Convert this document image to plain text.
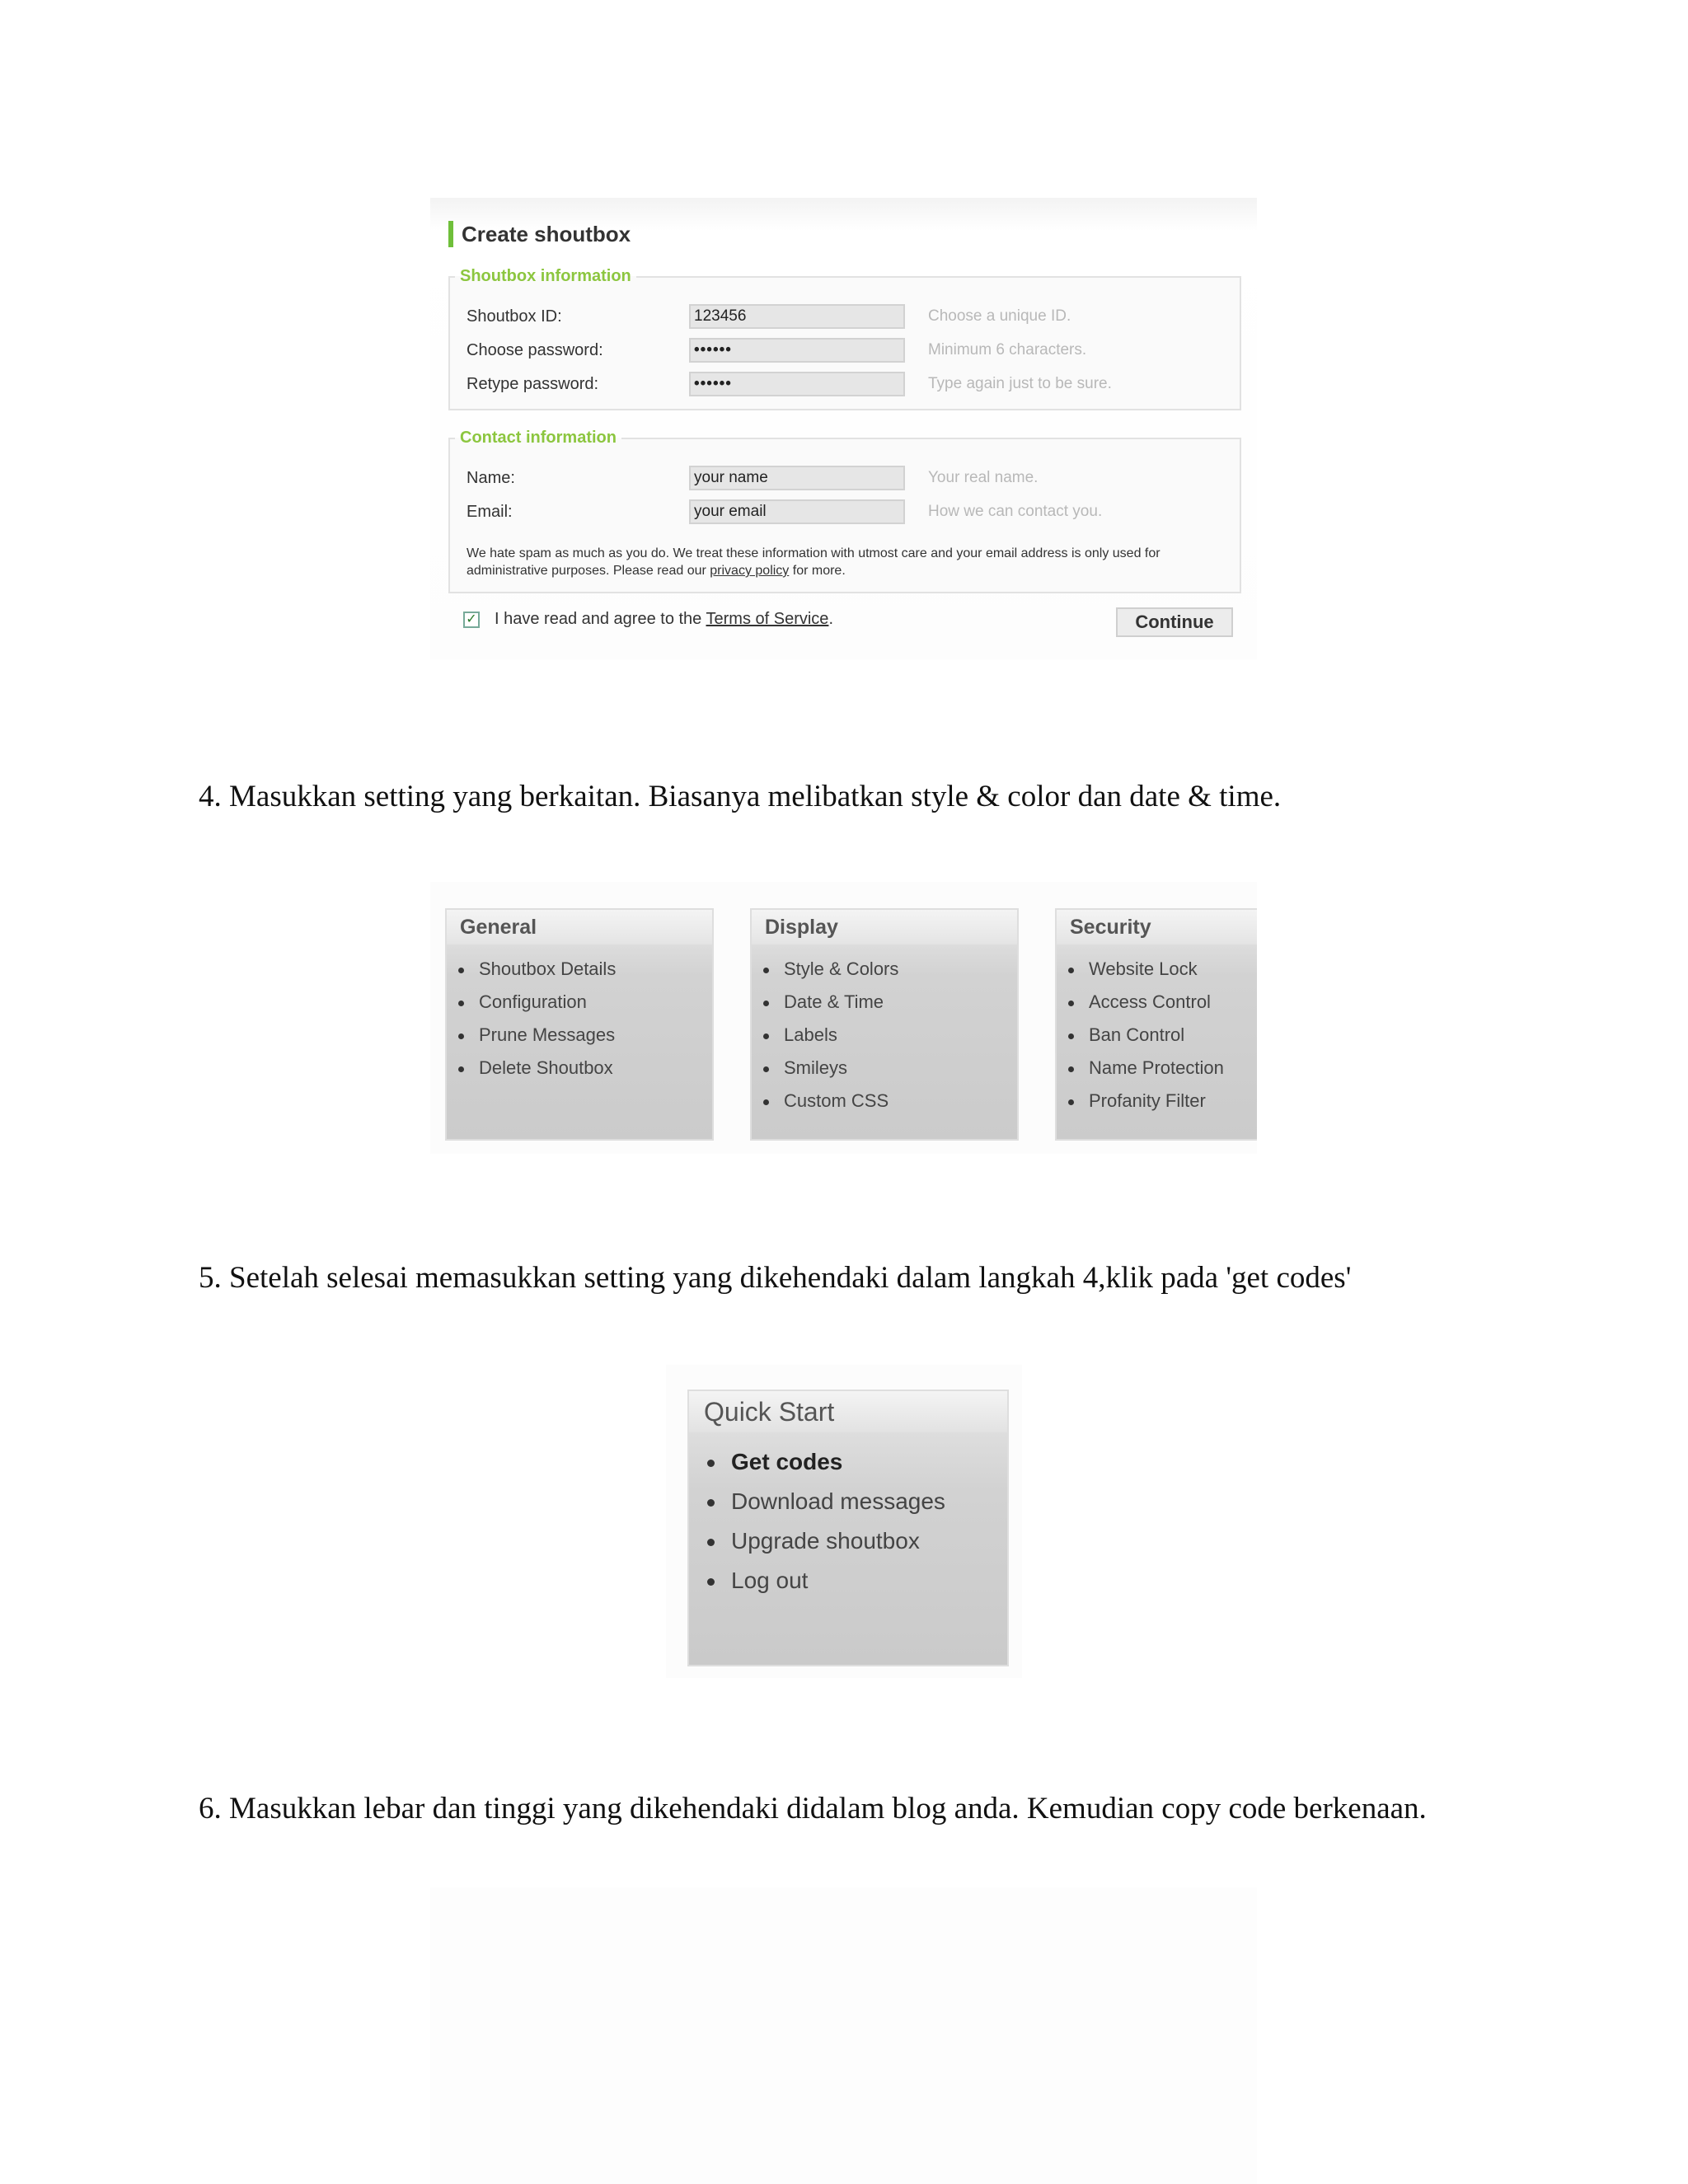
Create shoutbox
Shoutbox information
Shoutbox ID:	123456	Choose a unique ID.
Choose password:	••••••	Minimum 6 characters.
Retype password:	••••••	Type again just to be sure.
Contact information
Name:	your name	Your real name.
Email:	your email	How we can contact you.
We hate spam as much as you do. We treat these information with utmost care and your email address is only used for administrative purposes. Please read our privacy policy for more.
✓ I have read and agree to the Terms of Service.	Continue
4. Masukkan setting yang berkaitan. Biasanya melibatkan style & color dan date & time.
General
Shoutbox Details
Configuration
Prune Messages
Delete Shoutbox
Display
Style & Colors
Date & Time
Labels
Smileys
Custom CSS
Security
Website Lock
Access Control
Ban Control
Name Protection
Profanity Filter
5. Setelah selesai memasukkan setting yang dikehendaki dalam langkah 4,klik pada 'get codes'
Quick Start
Get codes
Download messages
Upgrade shoutbox
Log out
6. Masukkan lebar dan tinggi yang dikehendaki didalam blog anda. Kemudian copy code berkenaan.
